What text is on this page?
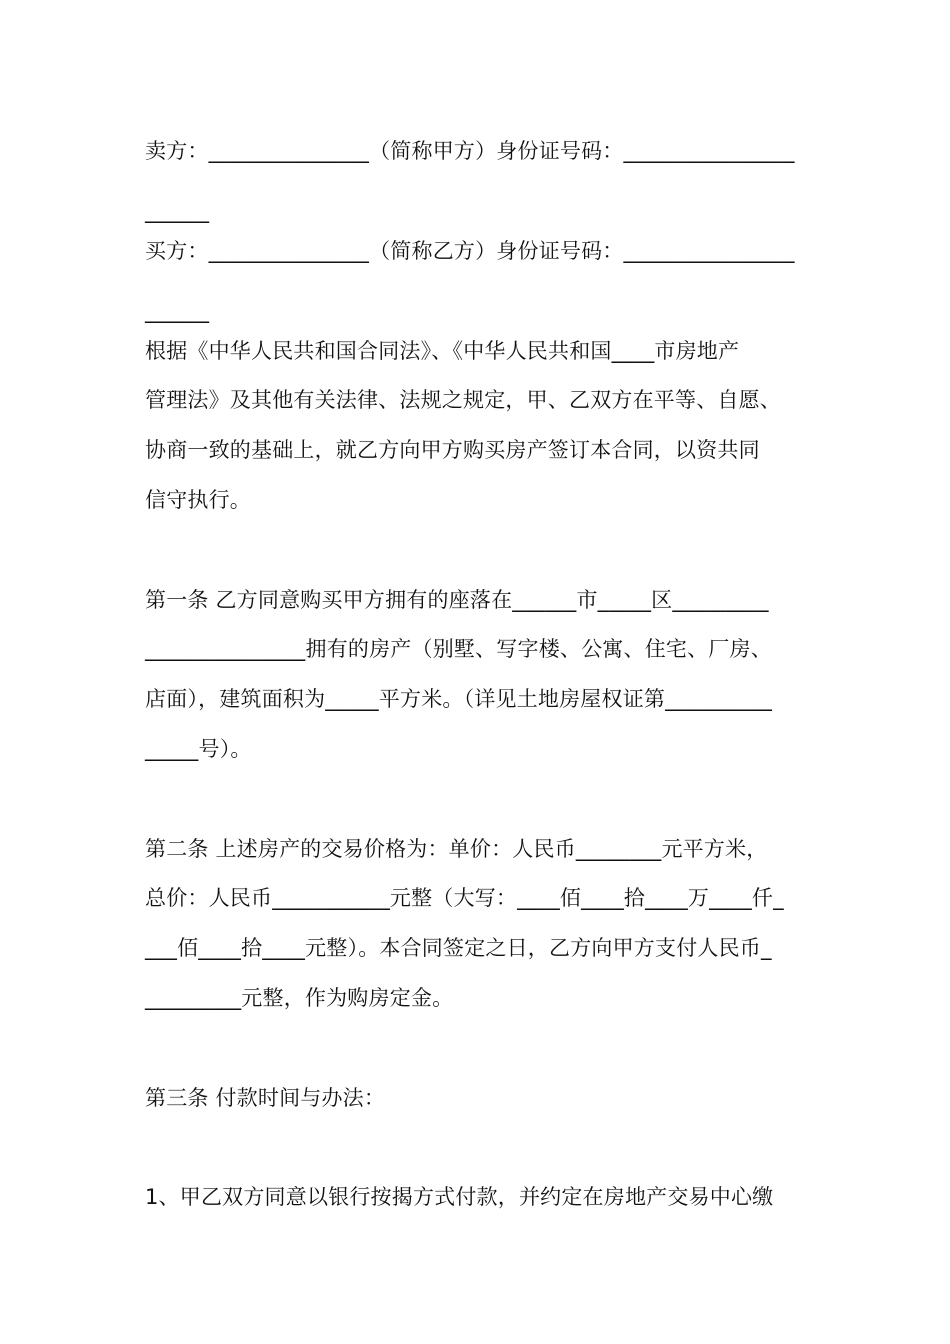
卖方：_______________（简称甲方）身份证号码：________________
______
买方：_______________（简称乙方）身份证号码：________________
______
根据《中华人民共和国合同法》、《中华人民共和国____市房地产
管理法》及其他有关法律、法规之规定，甲、乙双方在平等、自愿、
协商一致的基础上，就乙方向甲方购买房产签订本合同，以资共同
信守执行。
第一条 乙方同意购买甲方拥有的座落在______市_____区_________
_______________拥有的房产（别墅、写字楼、公寓、住宅、厂房、
店面），建筑面积为_____平方米。（详见土地房屋权证第__________
_____号）。
第二条 上述房产的交易价格为：单价：人民币________元平方米，
总价：人民币___________元整（大写：____佰____拾____万____仟_
___佰____拾____元整）。本合同签定之日，乙方向甲方支付人民币_
_________元整，作为购房定金。
第三条 付款时间与办法：
1、甲乙双方同意以银行按揭方式付款，并约定在房地产交易中心缴
